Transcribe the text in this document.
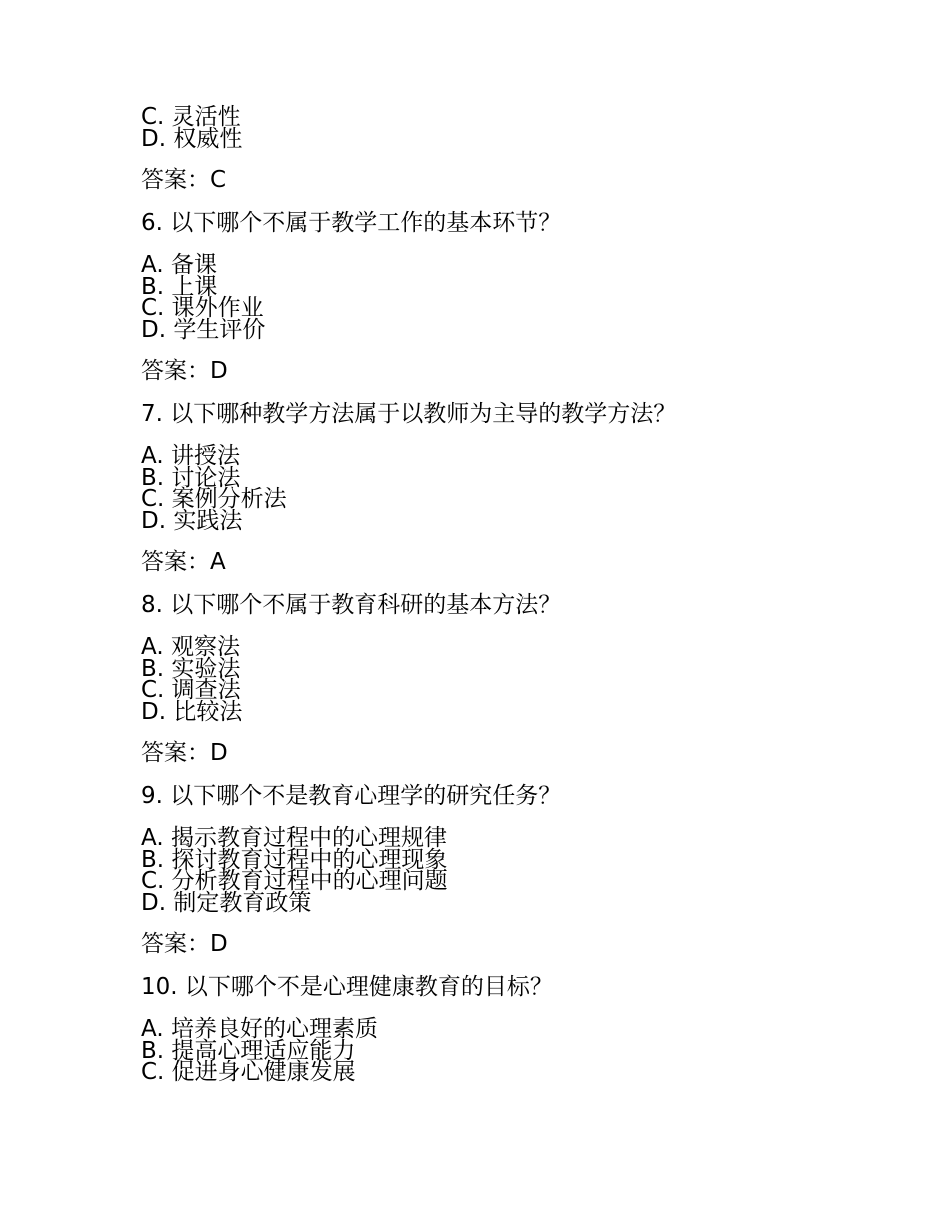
C. 灵活性
D. 权威性
答案：C
6. 以下哪个不属于教学工作的基本环节？
A. 备课
B. 上课
C. 课外作业
D. 学生评价
答案：D
7. 以下哪种教学方法属于以教师为主导的教学方法？
A. 讲授法
B. 讨论法
C. 案例分析法
D. 实践法
答案：A
8. 以下哪个不属于教育科研的基本方法？
A. 观察法
B. 实验法
C. 调查法
D. 比较法
答案：D
9. 以下哪个不是教育心理学的研究任务？
A. 揭示教育过程中的心理规律
B. 探讨教育过程中的心理现象
C. 分析教育过程中的心理问题
D. 制定教育政策
答案：D
10. 以下哪个不是心理健康教育的目标？
A. 培养良好的心理素质
B. 提高心理适应能力
C. 促进身心健康发展
